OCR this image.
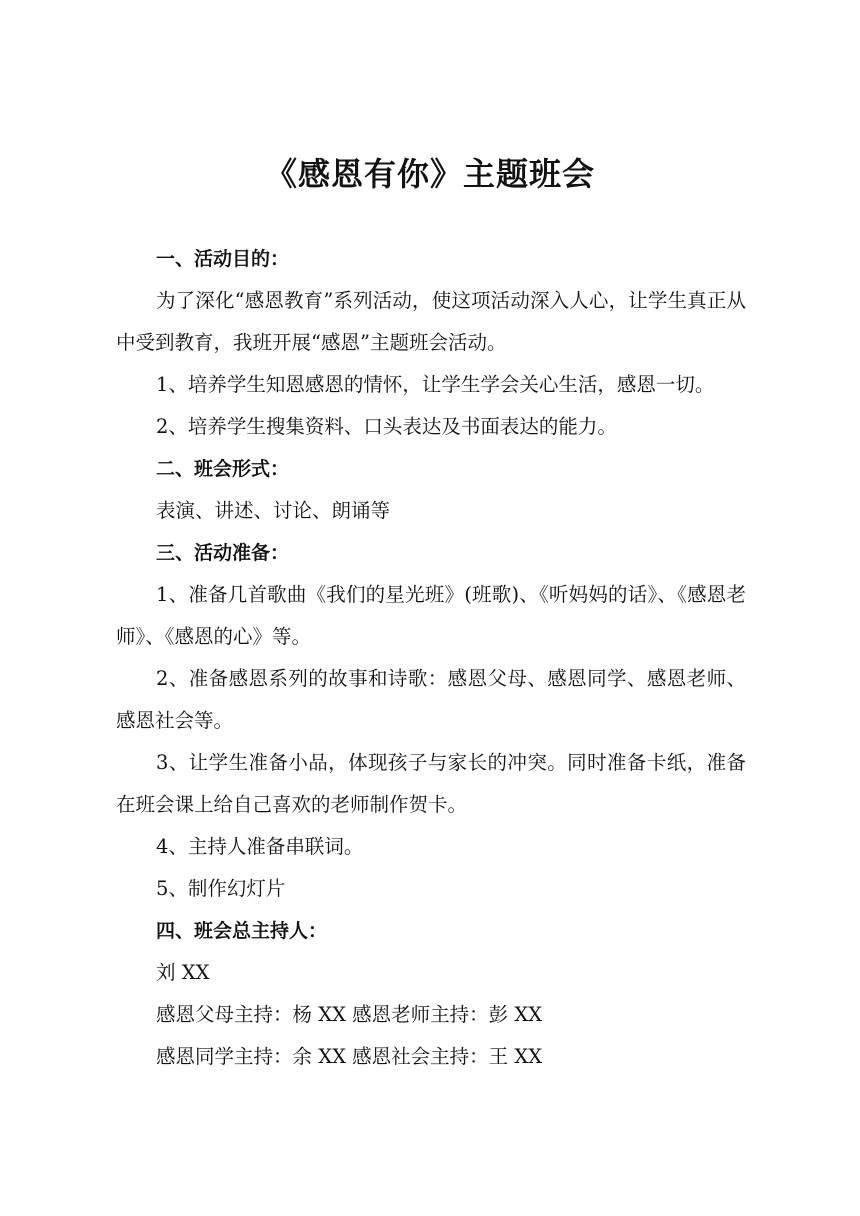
《感恩有你》主题班会

一、活动目的：

为了深化“感恩教育”系列活动，使这项活动深入人心，让学生真正从中受到教育，我班开展“感恩”主题班会活动。

1、培养学生知恩感恩的情怀，让学生学会关心生活，感恩一切。

2、培养学生搜集资料、口头表达及书面表达的能力。

二、班会形式：

表演、讲述、讨论、朗诵等

三、活动准备：

1、准备几首歌曲《我们的星光班》(班歌)、《听妈妈的话》、《感恩老师》、《感恩的心》等。

2、准备感恩系列的故事和诗歌：感恩父母、感恩同学、感恩老师、感恩社会等。

3、让学生准备小品，体现孩子与家长的冲突。同时准备卡纸，准备在班会课上给自己喜欢的老师制作贺卡。

4、主持人准备串联词。

5、制作幻灯片

四、班会总主持人：

刘 XX

感恩父母主持：杨 XX 感恩老师主持：彭 XX

感恩同学主持：余 XX 感恩社会主持：王 XX
